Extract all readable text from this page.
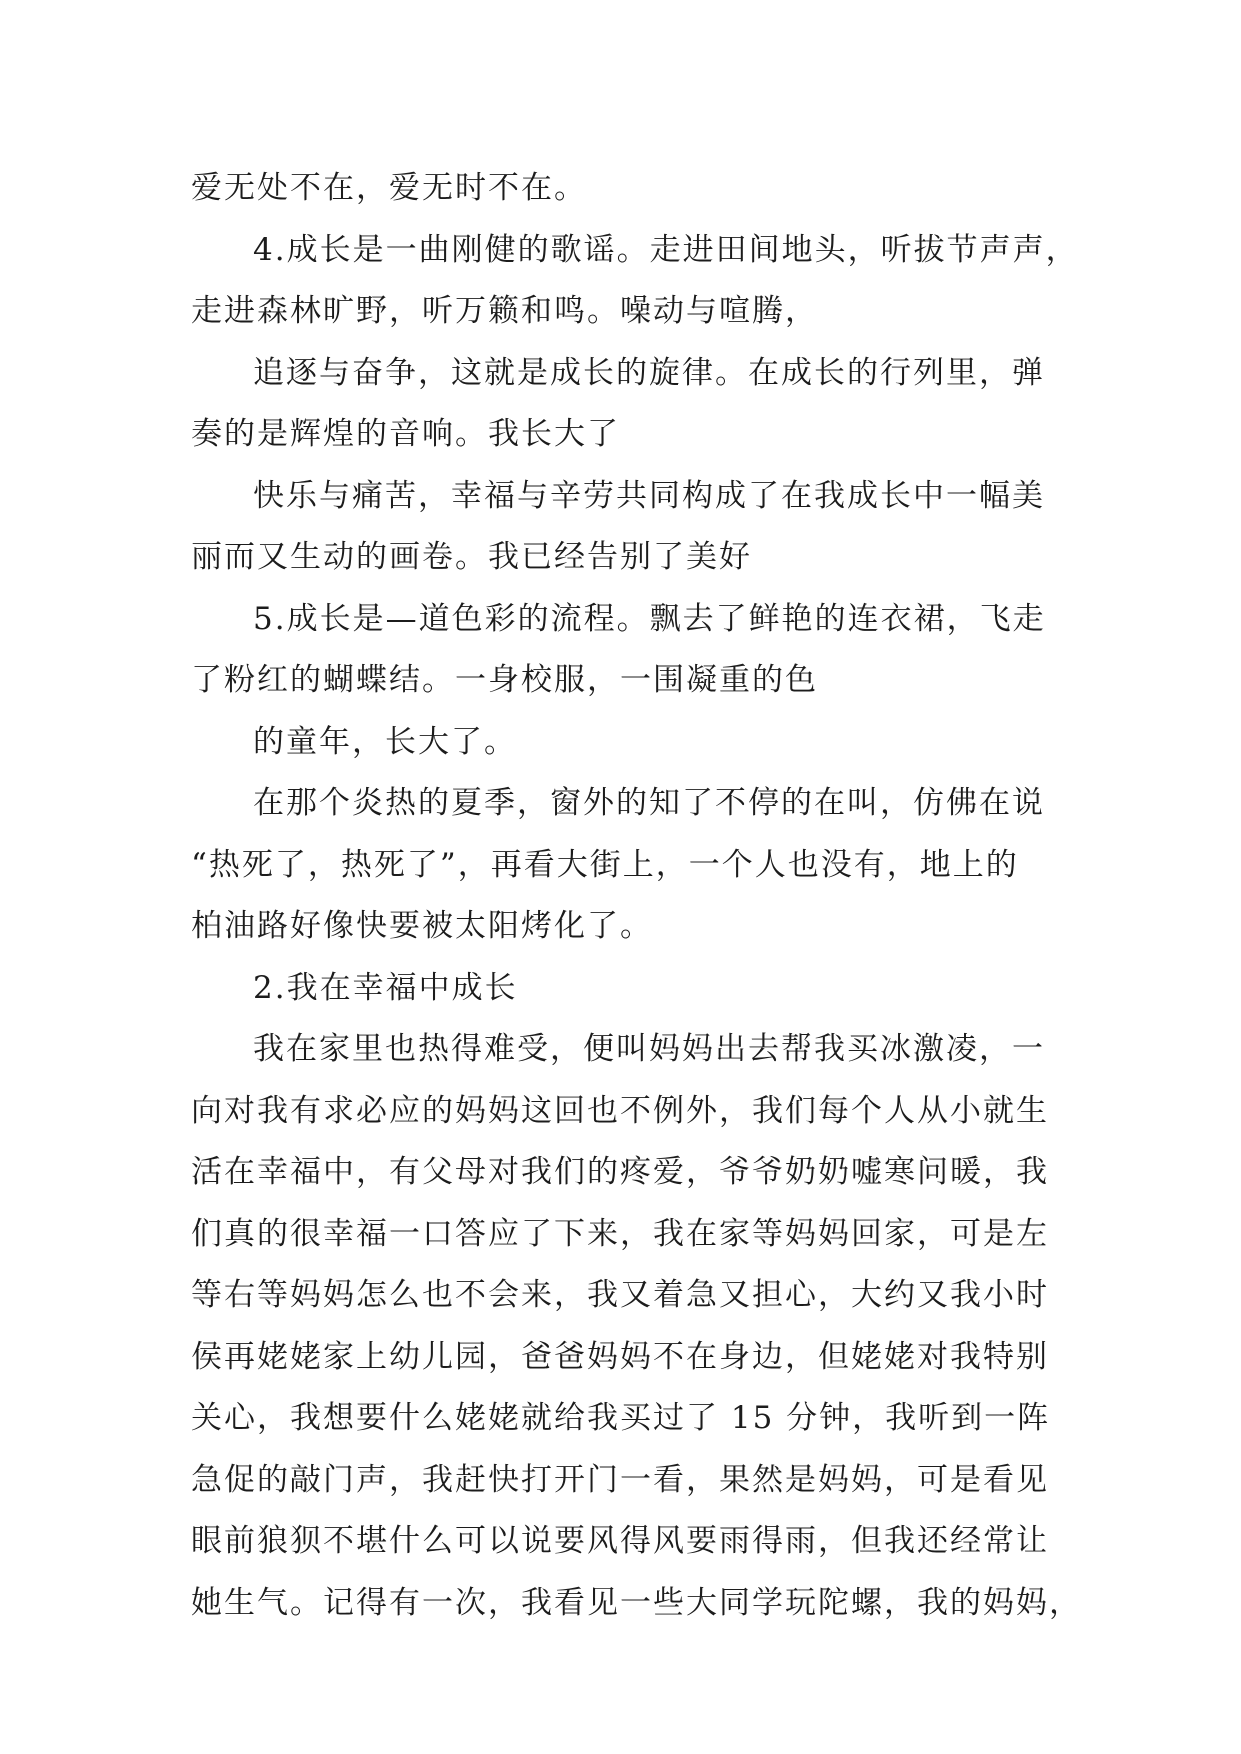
爱无处不在，爱无时不在。
4.成长是一曲刚健的歌谣。走进田间地头，听拔节声声，
走进森林旷野，听万籁和鸣。噪动与喧腾，
追逐与奋争，这就是成长的旋律。在成长的行列里，弹
奏的是辉煌的音响。我长大了
快乐与痛苦，幸福与辛劳共同构成了在我成长中一幅美
丽而又生动的画卷。我已经告别了美好
5.成长是—道色彩的流程。飘去了鲜艳的连衣裙，飞走
了粉红的蝴蝶结。一身校服，一围凝重的色
的童年，长大了。
在那个炎热的夏季，窗外的知了不停的在叫，仿佛在说
“热死了，热死了”，再看大街上，一个人也没有，地上的
柏油路好像快要被太阳烤化了。
2.我在幸福中成长
我在家里也热得难受，便叫妈妈出去帮我买冰激凌，一
向对我有求必应的妈妈这回也不例外，我们每个人从小就生
活在幸福中，有父母对我们的疼爱，爷爷奶奶嘘寒问暖，我
们真的很幸福一口答应了下来，我在家等妈妈回家，可是左
等右等妈妈怎么也不会来，我又着急又担心，大约又我小时
侯再姥姥家上幼儿园，爸爸妈妈不在身边，但姥姥对我特别
关心，我想要什么姥姥就给我买过了 15 分钟，我听到一阵
急促的敲门声，我赶快打开门一看，果然是妈妈，可是看见
眼前狼狈不堪什么可以说要风得风要雨得雨，但我还经常让
她生气。记得有一次，我看见一些大同学玩陀螺，我的妈妈，
